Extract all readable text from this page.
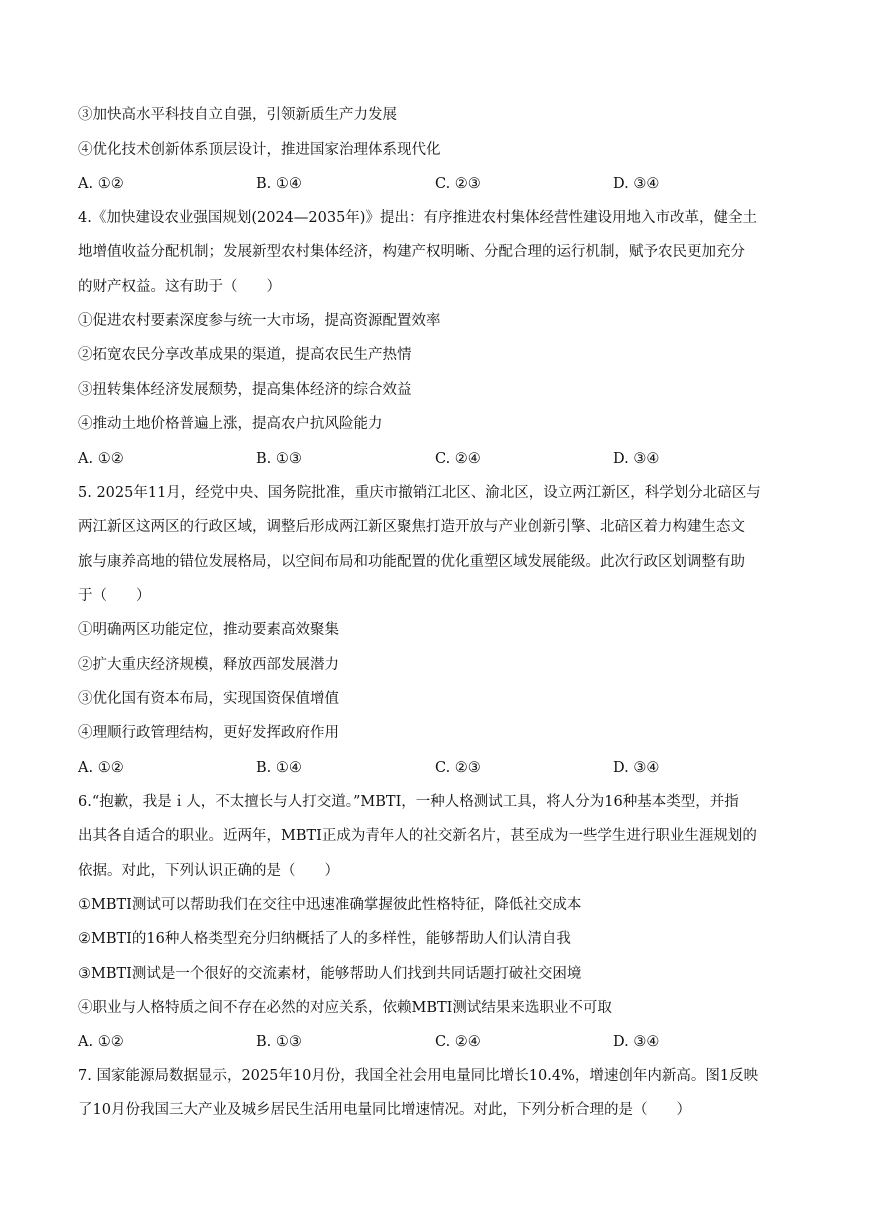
③加快高水平科技自立自强，引领新质生产力发展
④优化技术创新体系顶层设计，推进国家治理体系现代化
A. ①②	B. ①④	C. ②③	D. ③④
4.《加快建设农业强国规划(2024—2035年)》提出：有序推进农村集体经营性建设用地入市改革，健全土
地增值收益分配机制；发展新型农村集体经济，构建产权明晰、分配合理的运行机制，赋予农民更加充分
的财产权益。这有助于（　　）
①促进农村要素深度参与统一大市场，提高资源配置效率
②拓宽农民分享改革成果的渠道，提高农民生产热情
③扭转集体经济发展颓势，提高集体经济的综合效益
④推动土地价格普遍上涨，提高农户抗风险能力
A. ①②	B. ①③	C. ②④	D. ③④
5. 2025年11月，经党中央、国务院批准，重庆市撤销江北区、渝北区，设立两江新区，科学划分北碚区与
两江新区这两区的行政区域，调整后形成两江新区聚焦打造开放与产业创新引擎、北碚区着力构建生态文
旅与康养高地的错位发展格局，以空间布局和功能配置的优化重塑区域发展能级。此次行政区划调整有助
于（　　）
①明确两区功能定位，推动要素高效聚集
②扩大重庆经济规模，释放西部发展潜力
③优化国有资本布局，实现国资保值增值
④理顺行政管理结构，更好发挥政府作用
A. ①②	B. ①④	C. ②③	D. ③④
6.“抱歉，我是ｉ人，不太擅长与人打交道。”MBTI，一种人格测试工具，将人分为16种基本类型，并指
出其各自适合的职业。近两年，MBTI正成为青年人的社交新名片，甚至成为一些学生进行职业生涯规划的
依据。对此，下列认识正确的是（　　）
①MBTI测试可以帮助我们在交往中迅速准确掌握彼此性格特征，降低社交成本
②MBTI的16种人格类型充分归纳概括了人的多样性，能够帮助人们认清自我
③MBTI测试是一个很好的交流素材，能够帮助人们找到共同话题打破社交困境
④职业与人格特质之间不存在必然的对应关系，依赖MBTI测试结果来选职业不可取
A. ①②	B. ①③	C. ②④	D. ③④
7. 国家能源局数据显示，2025年10月份，我国全社会用电量同比增长10.4%，增速创年内新高。图1反映
了10月份我国三大产业及城乡居民生活用电量同比增速情况。对此，下列分析合理的是（　　）
